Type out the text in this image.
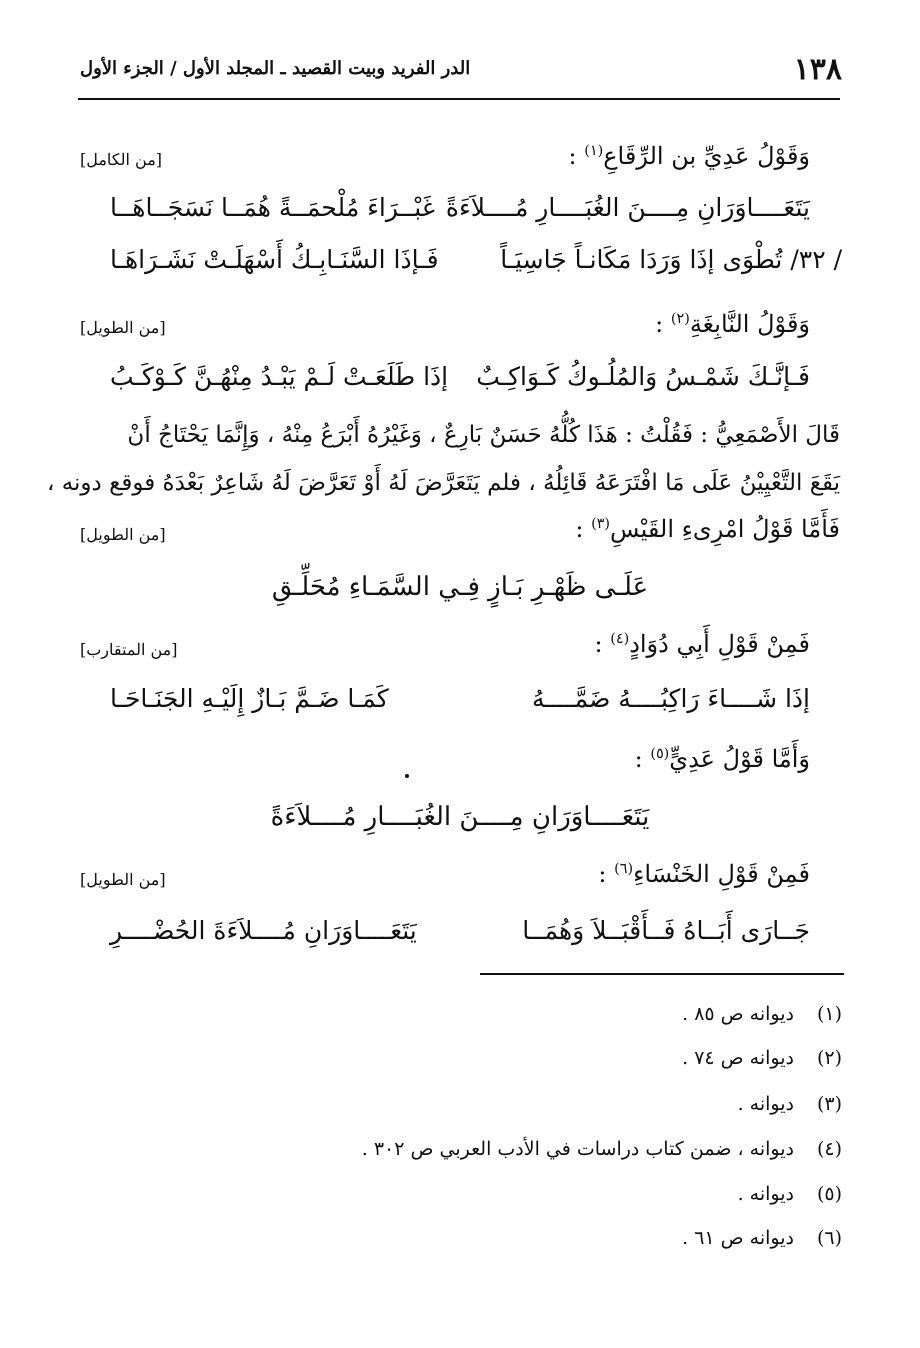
١٣٨
الدر الفريد وبيت القصيد ـ المجلد الأول / الجزء الأول
وَقَوْلُ عَدِيِّ بن الرِّقَاعِ$^{(١)}$ :
[من الكامل]
يَتَعَــــاوَرَانِ مِــــنَ الغُبَــــارِ مُــــلاَءَةً
غَبْــرَاءَ مُلْحمَــةً هُمَــا نَسَجَــاهَــا
/ ٣٢/ تُطْوَى إذَا وَرَدَا مَكَانـاً جَاسِيَـاً
فَـإذَا السَّنَـابِـكُ أَسْهَلَـتْ نَشَـرَاهَـا
وَقَوْلُ النَّابِغَةِ$^{(٢)}$ :
[من الطويل]
فَـإنَّـكَ شَمْـسُ وَالمُلُـوكُ كَـوَاكِـبٌ
إذَا طَلَعَـتْ لَـمْ يَبْـدُ مِنْهُـنَّ كَـوْكَـبُ
قَالَ الأَصْمَعِيُّ : فَقُلْتُ : هَذَا كُلُّهُ حَسَنٌ بَارِعٌ ، وَغَيْرُهُ أَبْرَعُ مِنْهُ ، وَإِنَّمَا يَحْتَاجُ أَنْ
يَقَعَ التَّعْيِيْنُ عَلَى مَا افْتَرَعَهُ قَائِلُهُ ، فلم يَتَعَرَّضَ لَهُ أَوْ تَعَرَّضَ لَهُ شَاعِرٌ بَعْدَهُ فوقع دونه ،
فَأَمَّا قَوْلُ امْرِىءِ القَيْسِ$^{(٣)}$ :
[من الطويل]
عَلَـى ظَهْـرِ بَـازٍ فِـي السَّمَـاءِ مُحَلِّـقِ
فَمِنْ قَوْلِ أَبِي دُوَادٍ$^{(٤)}$ :
[من المتقارب]
إذَا شَــــاءَ رَاكِبُــــهُ ضَمَّــــهُ
كَمَـا ضَـمَّ بَـازٌ إِلَيْـهِ الجَنَـاحَـا
وَأَمَّا قَوْلُ عَدِيٍّ$^{(٥)}$ :
يَتَعَــــاوَرَانِ مِــــنَ الغُبَــــارِ مُــــلاَءَةً
فَمِنْ قَوْلِ الخَنْسَاءِ$^{(٦)}$ :
[من الطويل]
جَــارَى أَبَــاهُ فَــأَقْبَــلاَ وَهُمَــا
يَتَعَــــاوَرَانِ مُــــلاَءَةَ الحُضْــــرِ
(١)ديوانه ص ٨٥ .
(٢)ديوانه ص ٧٤ .
(٣)ديوانه .
(٤)ديوانه ، ضمن كتاب دراسات في الأدب العربي ص ٣٠٢ .
(٥)ديوانه .
(٦)ديوانه ص ٦١ .
